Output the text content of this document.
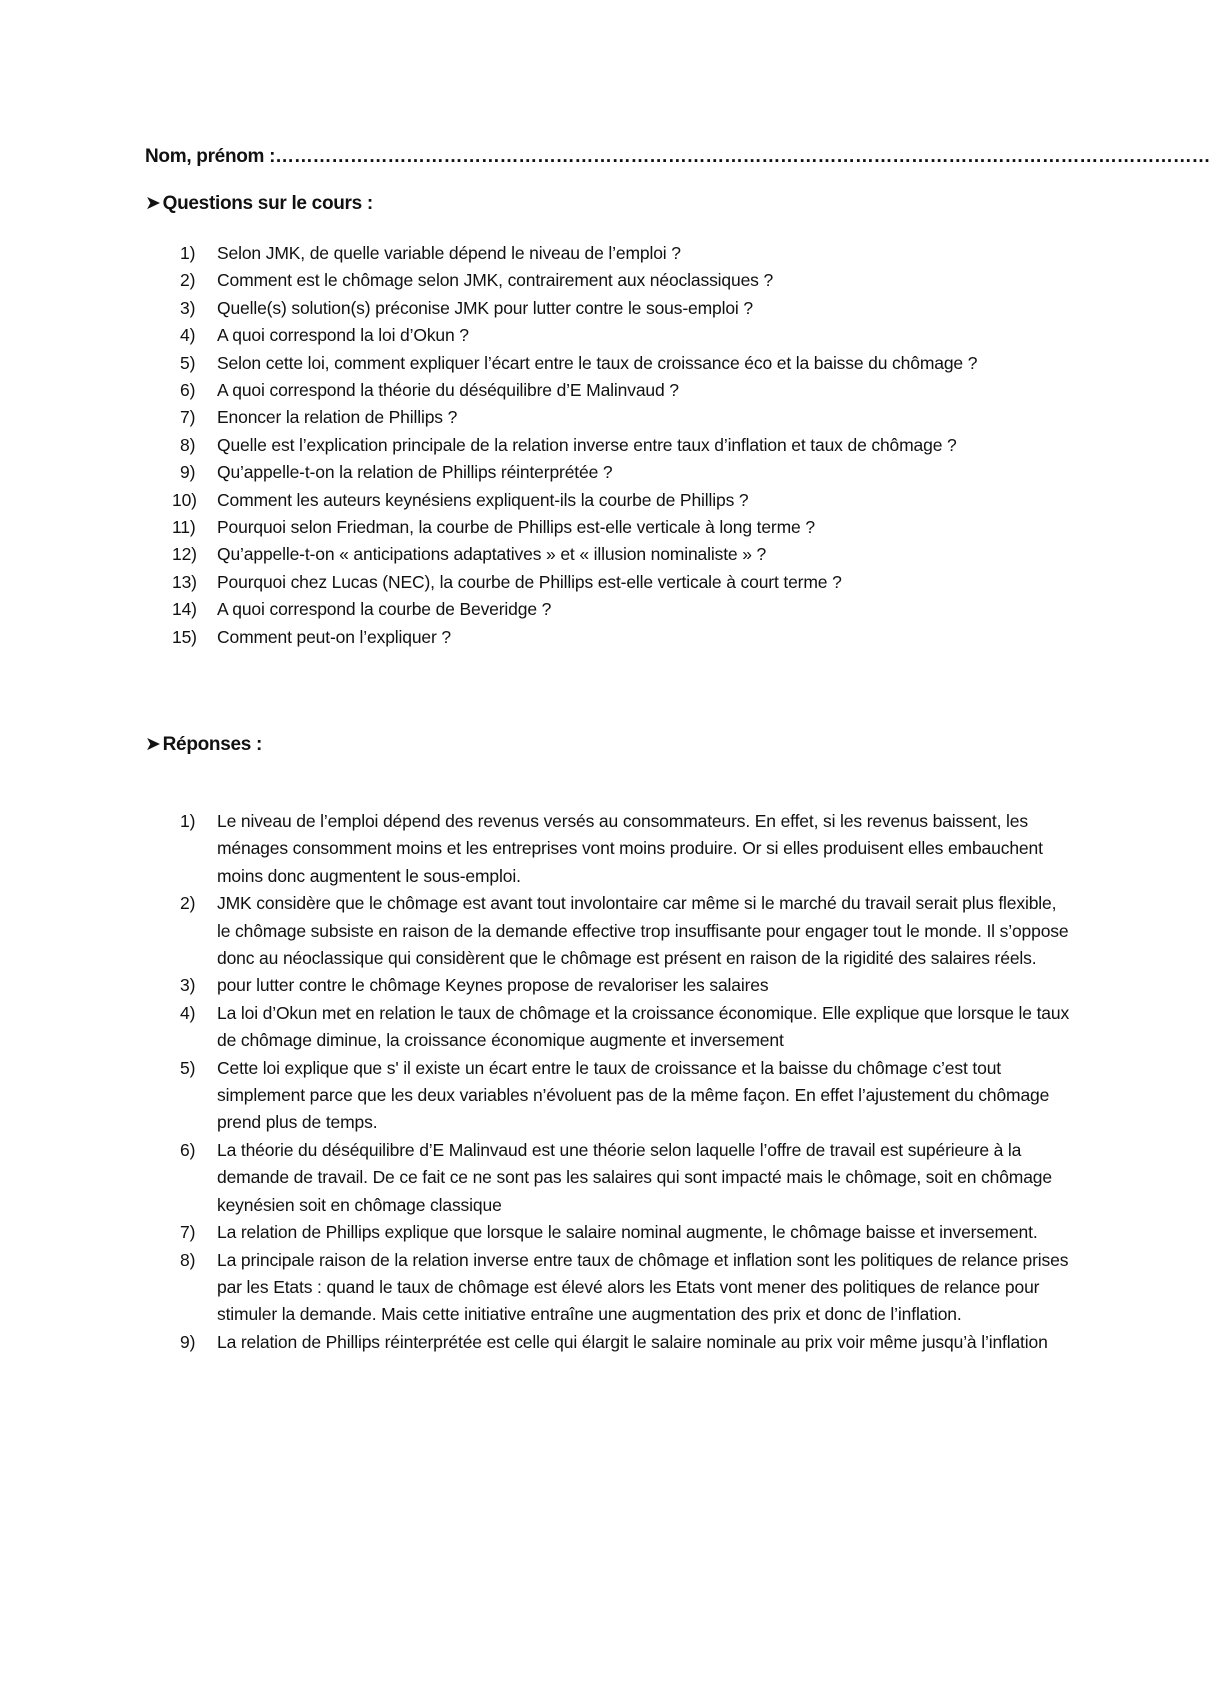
Nom, prénom :……………………………………………………………………………………………………………………………………
➤ Questions sur le cours :
1)	Selon JMK, de quelle variable dépend le niveau de l’emploi ?
2)	Comment est le chômage selon JMK, contrairement aux néoclassiques ?
3)	Quelle(s) solution(s) préconise JMK pour lutter contre le sous-emploi ?
4)	A quoi correspond la loi d’Okun ?
5)	Selon cette loi, comment expliquer l’écart entre le taux de croissance éco et la baisse du chômage ?
6)	A quoi correspond la théorie du déséquilibre d’E Malinvaud ?
7)	Enoncer la relation de Phillips ?
8)	Quelle est l’explication principale de la relation inverse entre taux d’inflation et taux de chômage ?
9)	Qu’appelle-t-on la relation de Phillips réinterprétée ?
10)	Comment les auteurs keynésiens expliquent-ils la courbe de Phillips ?
11)	Pourquoi selon Friedman, la courbe de Phillips est-elle verticale à long terme ?
12)	Qu’appelle-t-on « anticipations adaptatives » et « illusion nominaliste » ?
13)	Pourquoi chez Lucas (NEC), la courbe de Phillips est-elle verticale à court terme ?
14)	A quoi correspond la courbe de Beveridge ?
15)	Comment peut-on l’expliquer ?
➤ Réponses :
1)	Le niveau de l’emploi dépend des revenus versés au consommateurs. En effet, si les revenus baissent, les ménages consomment moins et les entreprises vont moins produire. Or si elles produisent elles embauchent moins donc augmentent le sous-emploi.
2)	JMK considère que le chômage est avant tout involontaire car même si le marché du travail serait plus flexible, le chômage subsiste en raison de la demande effective trop insuffisante pour engager tout le monde. Il s’oppose donc au néoclassique qui considèrent que le chômage est présent en raison de la rigidité des salaires réels.
3)	pour lutter contre le chômage Keynes propose de revaloriser les salaires
4)	La loi d’Okun met en relation le taux de chômage et la croissance économique. Elle explique que lorsque le taux de chômage diminue, la croissance économique augmente et inversement
5)	Cette loi explique que s' il existe un écart entre le taux de croissance et la baisse du chômage c’est tout simplement parce que les deux variables n’évoluent pas de la même façon. En effet l’ajustement du chômage prend plus de temps.
6)	La théorie du déséquilibre d’E Malinvaud est une théorie selon laquelle l’offre de travail est supérieure à la demande de travail. De ce fait ce ne sont pas les salaires qui sont impacté mais le chômage, soit en chômage keynésien soit en chômage classique
7)	La relation de Phillips explique que lorsque le salaire nominal augmente, le chômage baisse et inversement.
8)	La principale raison de la relation inverse entre taux de chômage et inflation sont les politiques de relance prises par les Etats : quand le taux de chômage est élevé alors les Etats vont mener des politiques de relance pour stimuler la demande. Mais cette initiative entraîne une augmentation des prix et donc de l’inflation.
9)	La relation de Phillips réinterprétée est celle qui élargit le salaire nominale au prix voir même jusqu’à l’inflation
